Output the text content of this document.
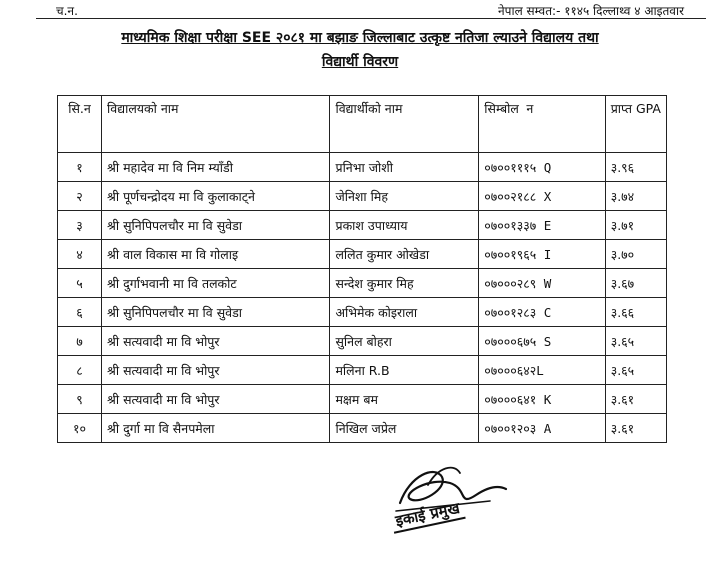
च.न.	नेपाल सम्वत:- ११४५ दिल्लाथ्व ४ आइतवार
माध्यमिक शिक्षा परीक्षा SEE २०८१ मा बझाङ जिल्लाबाट उत्कृष्ट नतिजा ल्याउने विद्यालय तथा
विद्यार्थी विवरण
सि.न	विद्यालयको नाम	विद्यार्थीको नाम	सिम्बोल न	प्राप्त GPA
१	श्री महादेव मा वि निम म्याँडी	प्रनिभा जोशी	०७००१११५ Q	३.९६
२	श्री पूर्णचन्द्रोदय मा वि कुलाकाट्ने	जेनिशा मिह	०७००२१८८ X	३.७४
३	श्री सुनिपिपलचौर मा वि सुवेडा	प्रकाश उपाध्याय	०७००१३३७ E	३.७१
४	श्री वाल विकास मा वि गोलाइ	ललित कुमार ओखेडा	०७००१९६५ I	३.७०
५	श्री दुर्गाभवानी मा वि तलकोट	सन्देश कुमार मिह	०७०००२८९ W	३.६७
६	श्री सुनिपिपलचौर मा वि सुवेडा	अभिमेक कोइराला	०७००१२८३ C	३.६६
७	श्री सत्यवादी मा वि भोपुर	सुनिल बोहरा	०७०००६७५ S	३.६५
८	श्री सत्यवादी मा वि भोपुर	मलिना R.B	०७०००६४२L	३.६५
९	श्री सत्यवादी मा वि भोपुर	मक्षम बम	०७०००६४१ K	३.६१
१०	श्री दुर्गा मा वि सैनपमेला	निखिल जप्रेल	०७००१२०३ A	३.६१
इकाई प्रमुख
